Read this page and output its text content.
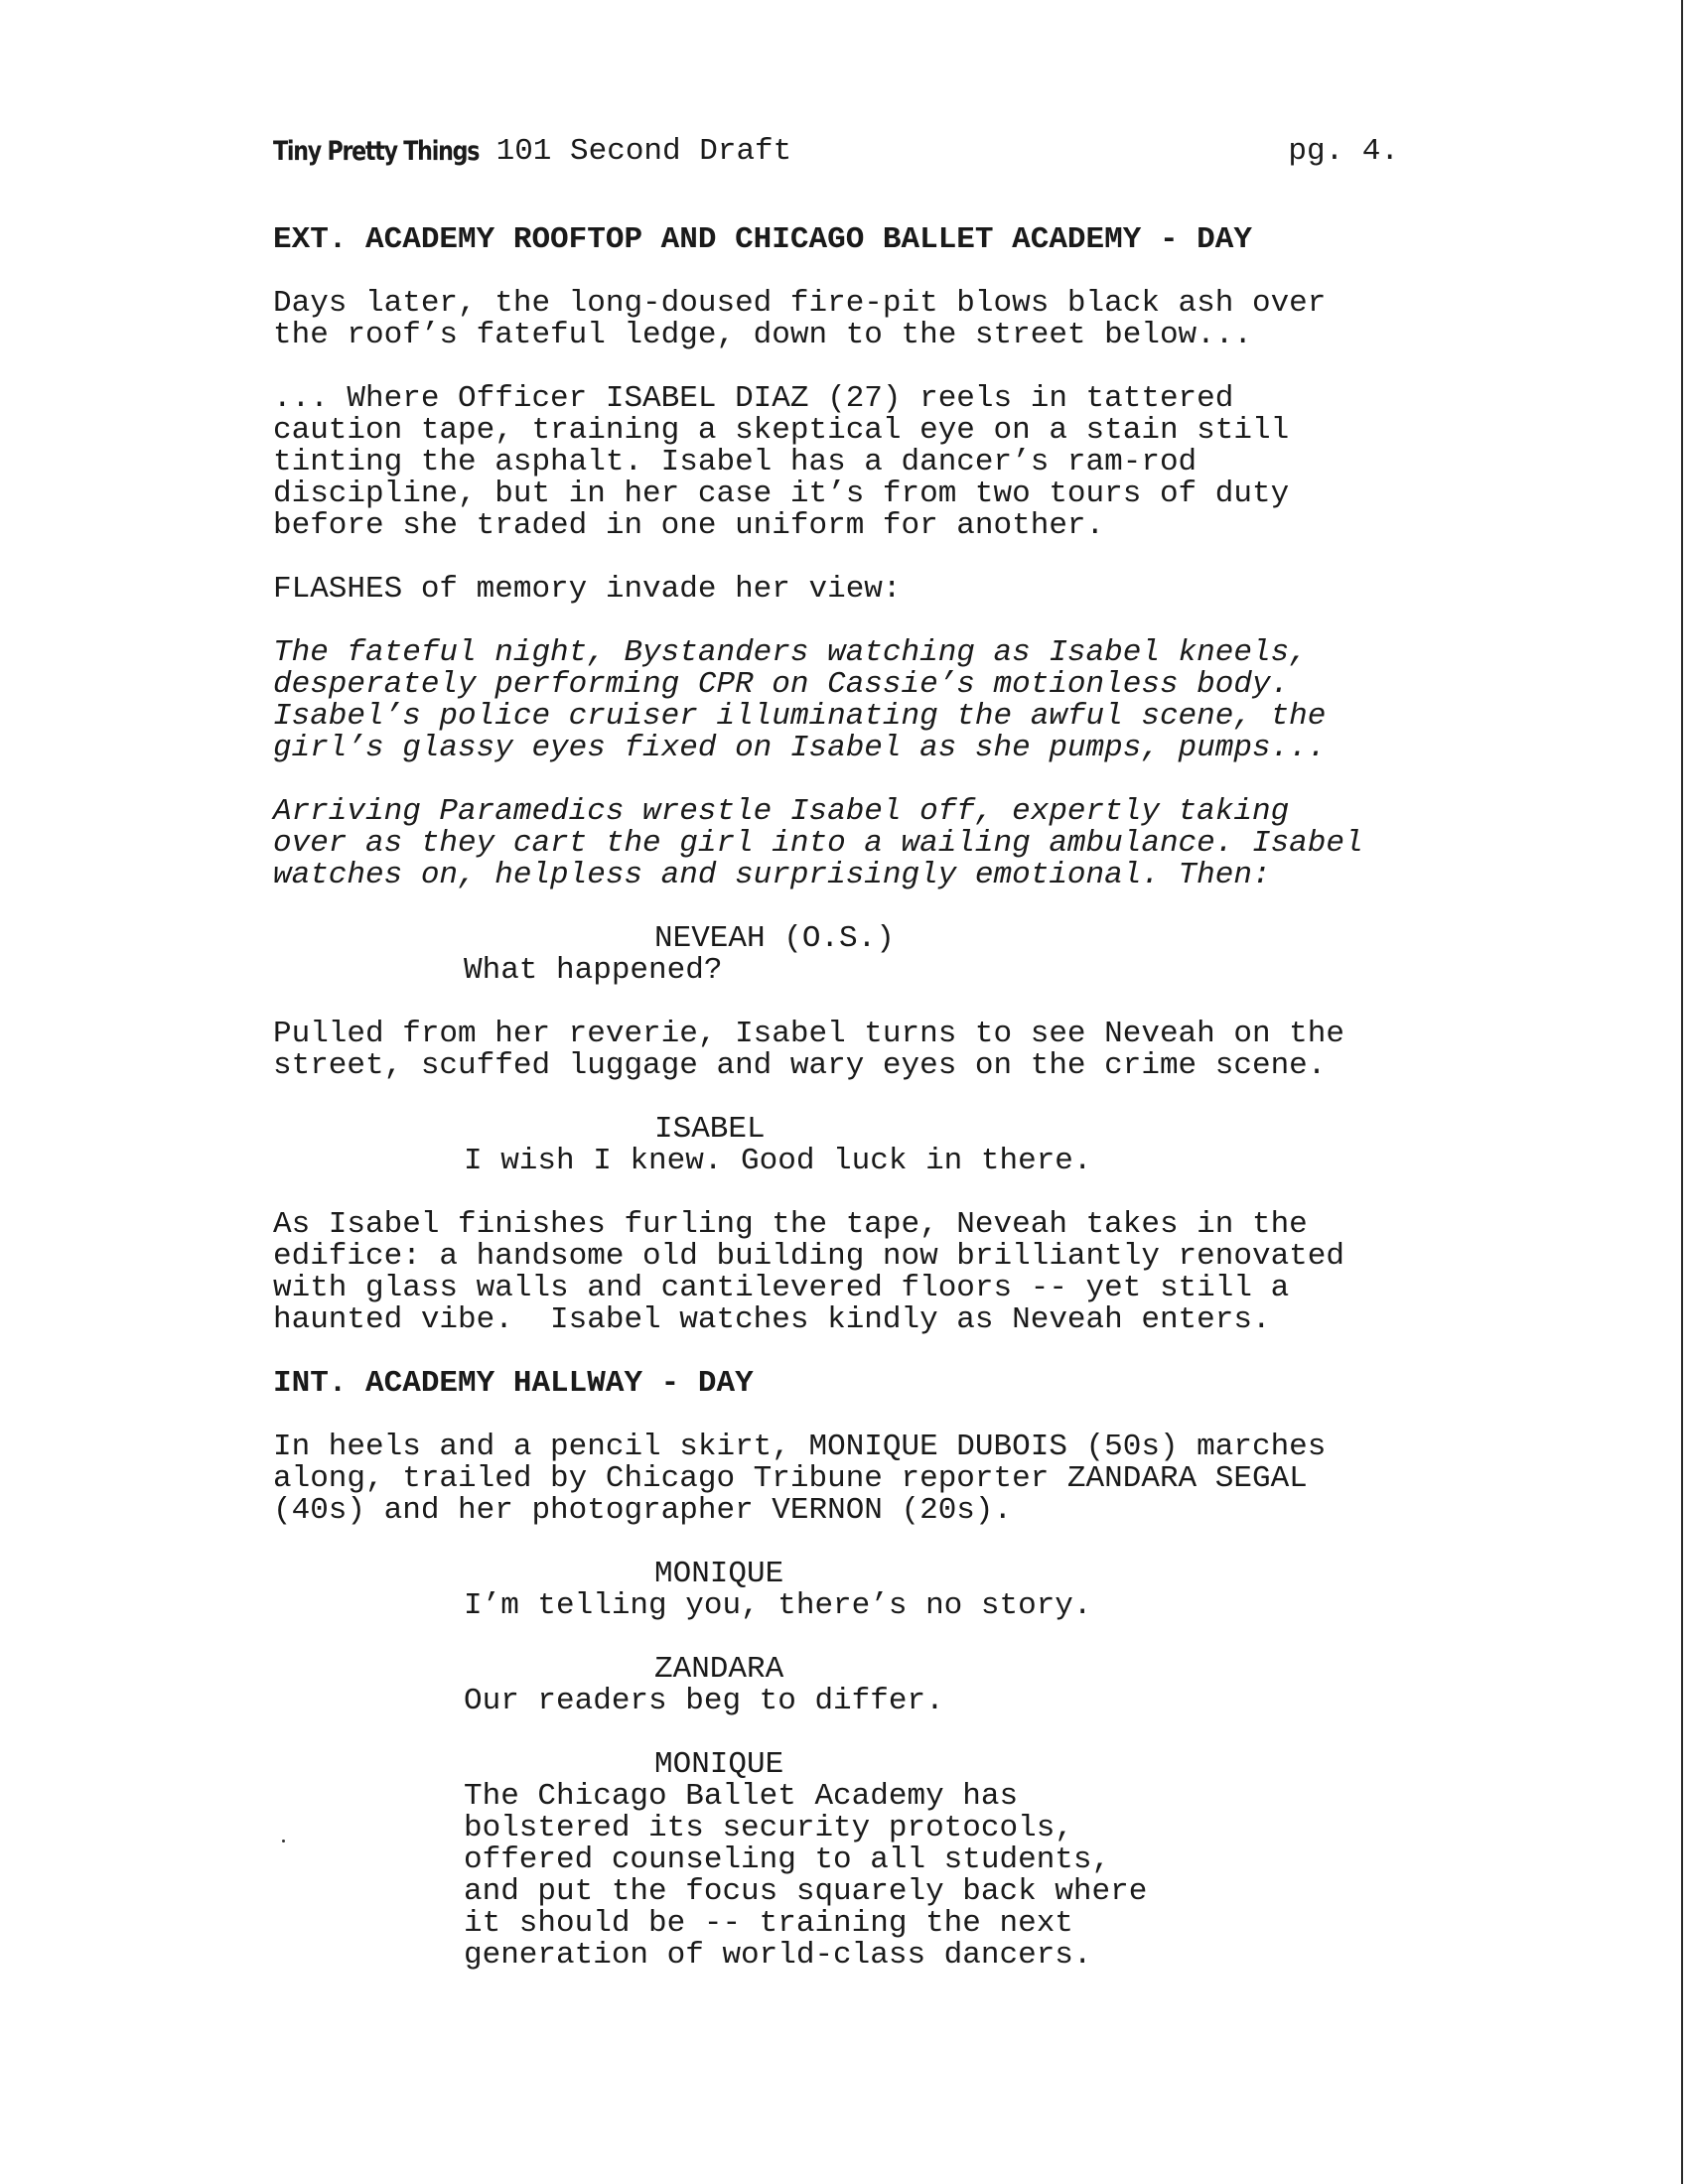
Tiny Pretty Things
101 Second Draft	pg. 4.
EXT. ACADEMY ROOFTOP AND CHICAGO BALLET ACADEMY - DAY
Days later, the long-doused fire-pit blows black ash over
the roof’s fateful ledge, down to the street below...
... Where Officer ISABEL DIAZ (27) reels in tattered
caution tape, training a skeptical eye on a stain still
tinting the asphalt. Isabel has a dancer’s ram-rod
discipline, but in her case it’s from two tours of duty
before she traded in one uniform for another.
FLASHES of memory invade her view:
The fateful night, Bystanders watching as Isabel kneels,
desperately performing CPR on Cassie’s motionless body.
Isabel’s police cruiser illuminating the awful scene, the
girl’s glassy eyes fixed on Isabel as she pumps, pumps...
Arriving Paramedics wrestle Isabel off, expertly taking
over as they cart the girl into a wailing ambulance. Isabel
watches on, helpless and surprisingly emotional. Then:
NEVEAH (O.S.)
What happened?
Pulled from her reverie, Isabel turns to see Neveah on the
street, scuffed luggage and wary eyes on the crime scene.
ISABEL
I wish I knew. Good luck in there.
As Isabel finishes furling the tape, Neveah takes in the
edifice: a handsome old building now brilliantly renovated
with glass walls and cantilevered floors -- yet still a
haunted vibe.  Isabel watches kindly as Neveah enters.
INT. ACADEMY HALLWAY - DAY
In heels and a pencil skirt, MONIQUE DUBOIS (50s) marches
along, trailed by Chicago Tribune reporter ZANDARA SEGAL
(40s) and her photographer VERNON (20s).
MONIQUE
I’m telling you, there’s no story.
ZANDARA
Our readers beg to differ.
MONIQUE
The Chicago Ballet Academy has
bolstered its security protocols,
offered counseling to all students,
and put the focus squarely back where
it should be -- training the next
generation of world-class dancers.
